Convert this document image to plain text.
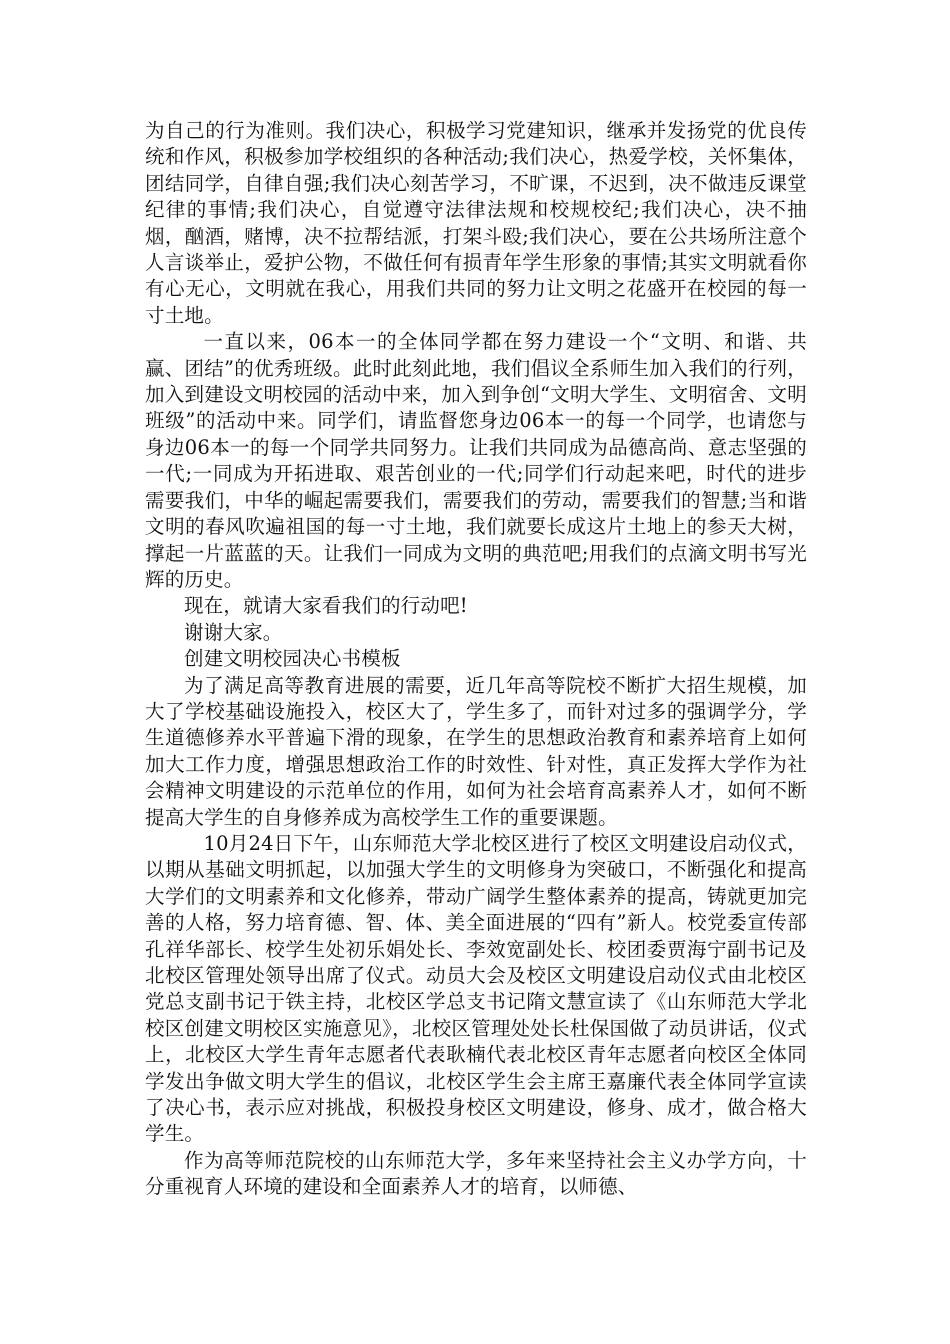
为自己的行为准则。我们决心，积极学习党建知识，继承并发扬党的优良传统和作风，积极参加学校组织的各种活动;我们决心，热爱学校，关怀集体，团结同学，自律自强;我们决心刻苦学习，不旷课，不迟到，决不做违反课堂纪律的事情;我们决心，自觉遵守法律法规和校规校纪;我们决心，决不抽烟，酗酒，赌博，决不拉帮结派，打架斗殴;我们决心，要在公共场所注意个人言谈举止，爱护公物，不做任何有损青年学生形象的事情;其实文明就看你有心无心，文明就在我心，用我们共同的努力让文明之花盛开在校园的每一寸土地。

一直以来，06本一的全体同学都在努力建设一个“文明、和谐、共赢、团结”的优秀班级。此时此刻此地，我们倡议全系师生加入我们的行列，加入到建设文明校园的活动中来，加入到争创“文明大学生、文明宿舍、文明班级”的活动中来。同学们，请监督您身边06本一的每一个同学，也请您与身边06本一的每一个同学共同努力。让我们共同成为品德高尚、意志坚强的一代;一同成为开拓进取、艰苦创业的一代;同学们行动起来吧，时代的进步需要我们，中华的崛起需要我们，需要我们的劳动，需要我们的智慧;当和谐文明的春风吹遍祖国的每一寸土地，我们就要长成这片土地上的参天大树，撑起一片蓝蓝的天。让我们一同成为文明的典范吧;用我们的点滴文明书写光辉的历史。

现在，就请大家看我们的行动吧!

谢谢大家。

创建文明校园决心书模板

为了满足高等教育进展的需要，近几年高等院校不断扩大招生规模，加大了学校基础设施投入，校区大了，学生多了，而针对过多的强调学分，学生道德修养水平普遍下滑的现象，在学生的思想政治教育和素养培育上如何加大工作力度，增强思想政治工作的时效性、针对性，真正发挥大学作为社会精神文明建设的示范单位的作用，如何为社会培育高素养人才，如何不断提高大学生的自身修养成为高校学生工作的重要课题。

10月24日下午，山东师范大学北校区进行了校区文明建设启动仪式，以期从基础文明抓起，以加强大学生的文明修身为突破口，不断强化和提高大学们的文明素养和文化修养，带动广阔学生整体素养的提高，铸就更加完善的人格，努力培育德、智、体、美全面进展的“四有”新人。校党委宣传部孔祥华部长、校学生处初乐娟处长、李效宽副处长、校团委贾海宁副书记及北校区管理处领导出席了仪式。动员大会及校区文明建设启动仪式由北校区党总支副书记于铁主持，北校区学总支书记隋文慧宣读了《山东师范大学北校区创建文明校区实施意见》，北校区管理处处长杜保国做了动员讲话，仪式上，北校区大学生青年志愿者代表耿楠代表北校区青年志愿者向校区全体同学发出争做文明大学生的倡议，北校区学生会主席王嘉廉代表全体同学宣读了决心书，表示应对挑战，积极投身校区文明建设，修身、成才，做合格大学生。

作为高等师范院校的山东师范大学，多年来坚持社会主义办学方向，十分重视育人环境的建设和全面素养人才的培育，以师德、
